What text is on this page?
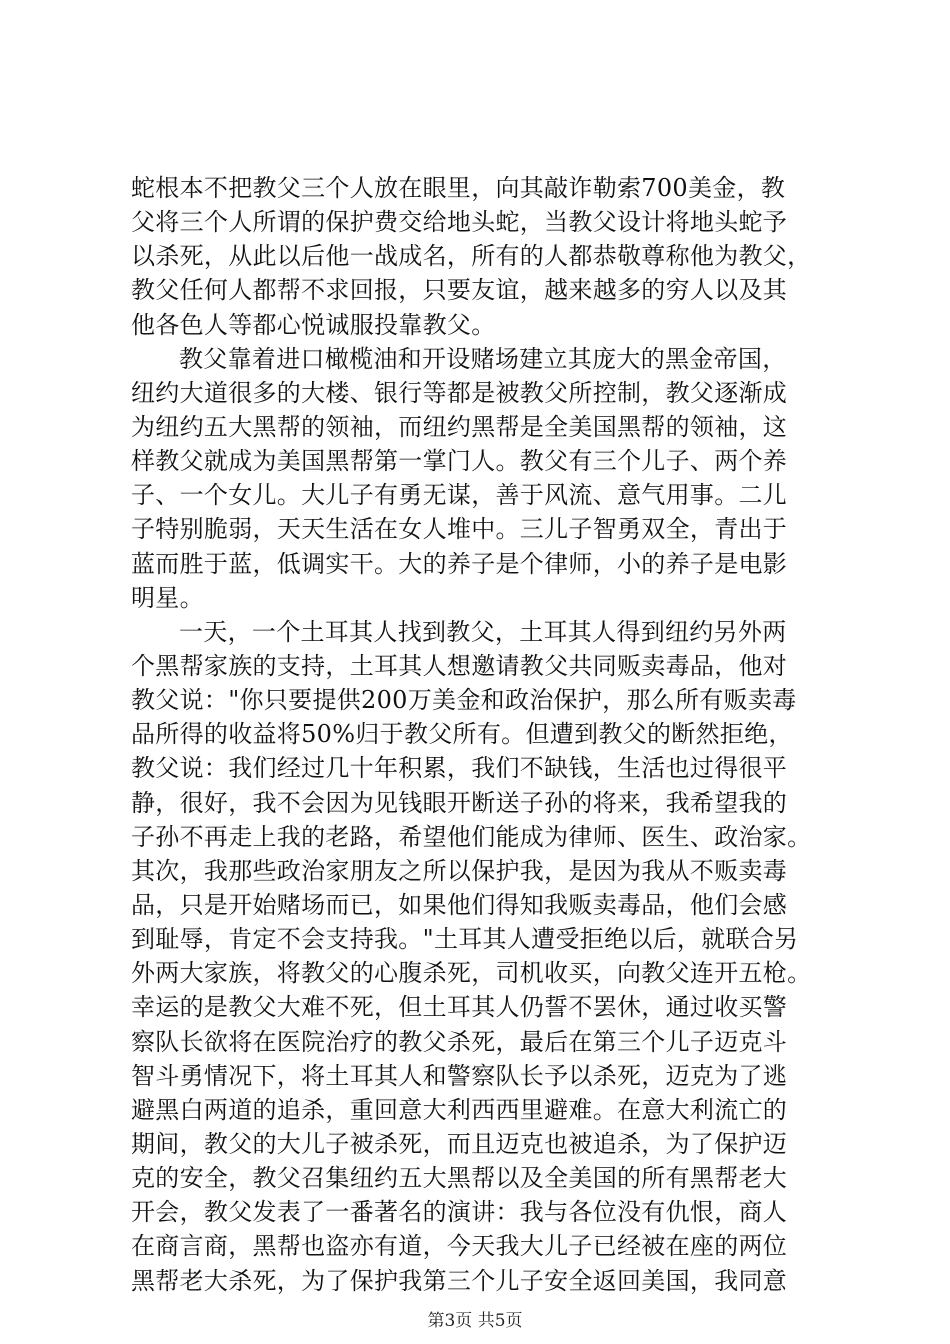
蛇根本不把教父三个人放在眼里，向其敲诈勒索700美金，教
父将三个人所谓的保护费交给地头蛇，当教父设计将地头蛇予
以杀死，从此以后他一战成名，所有的人都恭敬尊称他为教父，
教父任何人都帮不求回报，只要友谊，越来越多的穷人以及其
他各色人等都心悦诚服投靠教父。
教父靠着进口橄榄油和开设赌场建立其庞大的黑金帝国，
纽约大道很多的大楼、银行等都是被教父所控制，教父逐渐成
为纽约五大黑帮的领袖，而纽约黑帮是全美国黑帮的领袖，这
样教父就成为美国黑帮第一掌门人。教父有三个儿子、两个养
子、一个女儿。大儿子有勇无谋，善于风流、意气用事。二儿
子特别脆弱，天天生活在女人堆中。三儿子智勇双全，青出于
蓝而胜于蓝，低调实干。大的养子是个律师，小的养子是电影
明星。
一天，一个土耳其人找到教父，土耳其人得到纽约另外两
个黑帮家族的支持，土耳其人想邀请教父共同贩卖毒品，他对
教父说："你只要提供200万美金和政治保护，那么所有贩卖毒
品所得的收益将50%归于教父所有。但遭到教父的断然拒绝，
教父说：我们经过几十年积累，我们不缺钱，生活也过得很平
静，很好，我不会因为见钱眼开断送子孙的将来，我希望我的
子孙不再走上我的老路，希望他们能成为律师、医生、政治家。
其次，我那些政治家朋友之所以保护我，是因为我从不贩卖毒
品，只是开始赌场而已，如果他们得知我贩卖毒品，他们会感
到耻辱，肯定不会支持我。"土耳其人遭受拒绝以后，就联合另
外两大家族，将教父的心腹杀死，司机收买，向教父连开五枪。
幸运的是教父大难不死，但土耳其人仍誓不罢休，通过收买警
察队长欲将在医院治疗的教父杀死，最后在第三个儿子迈克斗
智斗勇情况下，将土耳其人和警察队长予以杀死，迈克为了逃
避黑白两道的追杀，重回意大利西西里避难。在意大利流亡的
期间，教父的大儿子被杀死，而且迈克也被追杀，为了保护迈
克的安全，教父召集纽约五大黑帮以及全美国的所有黑帮老大
开会，教父发表了一番著名的演讲：我与各位没有仇恨，商人
在商言商，黑帮也盗亦有道，今天我大儿子已经被在座的两位
黑帮老大杀死，为了保护我第三个儿子安全返回美国，我同意
第3页 共5页
